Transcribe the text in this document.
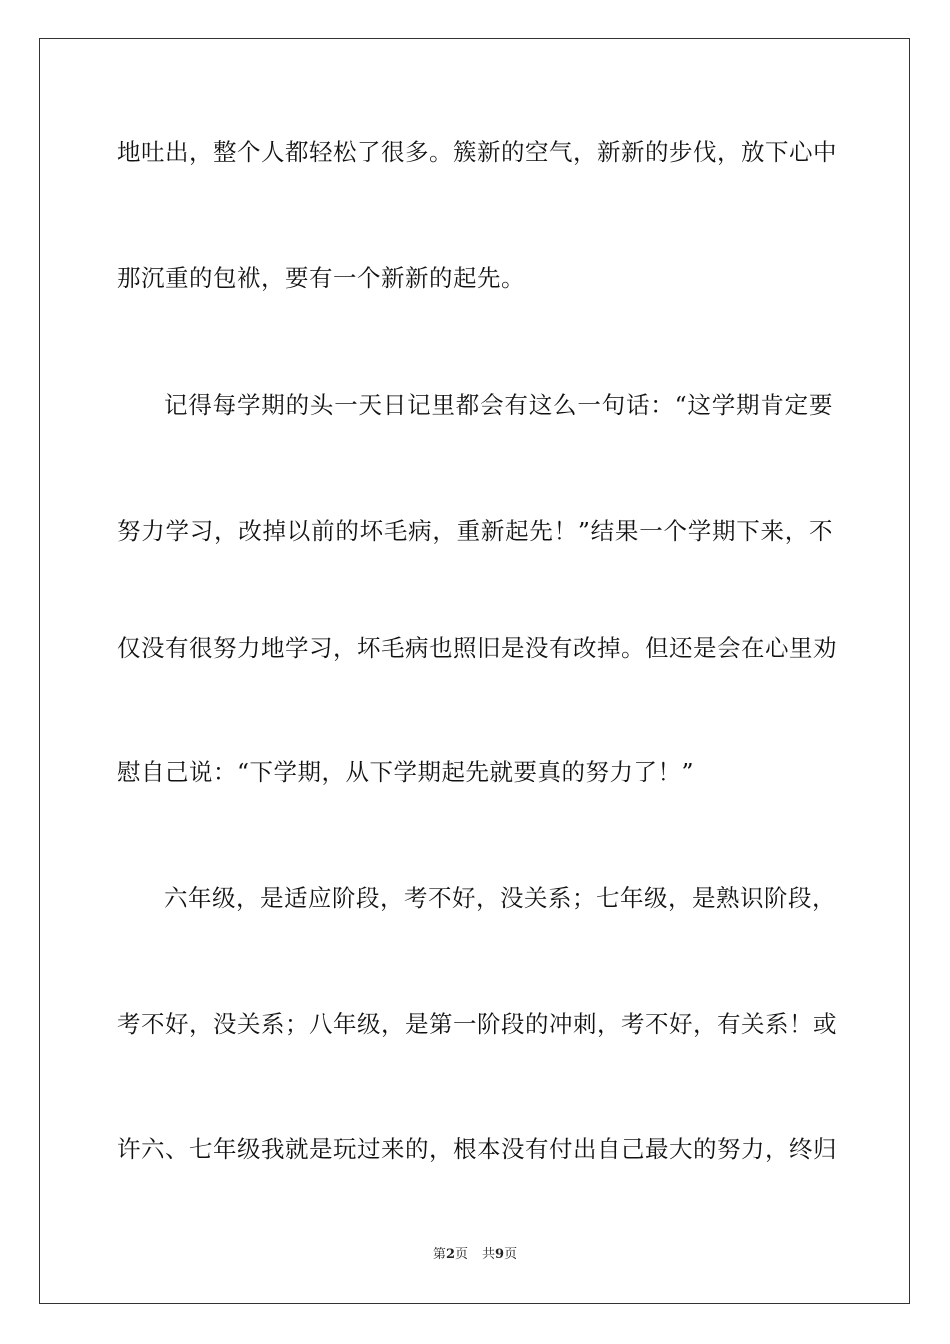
地吐出，整个人都轻松了很多。簇新的空气，新新的步伐，放下心中
那沉重的包袱，要有一个新新的起先。
记得每学期的头一天日记里都会有这么一句话：“这学期肯定要
努力学习，改掉以前的坏毛病，重新起先！”结果一个学期下来，不
仅没有很努力地学习，坏毛病也照旧是没有改掉。但还是会在心里劝
慰自己说：“下学期，从下学期起先就要真的努力了！”
六年级，是适应阶段，考不好，没关系；七年级，是熟识阶段，
考不好，没关系；八年级，是第一阶段的冲刺，考不好，有关系！或
许六、七年级我就是玩过来的，根本没有付出自己最大的努力，终归
第2页 共9页
